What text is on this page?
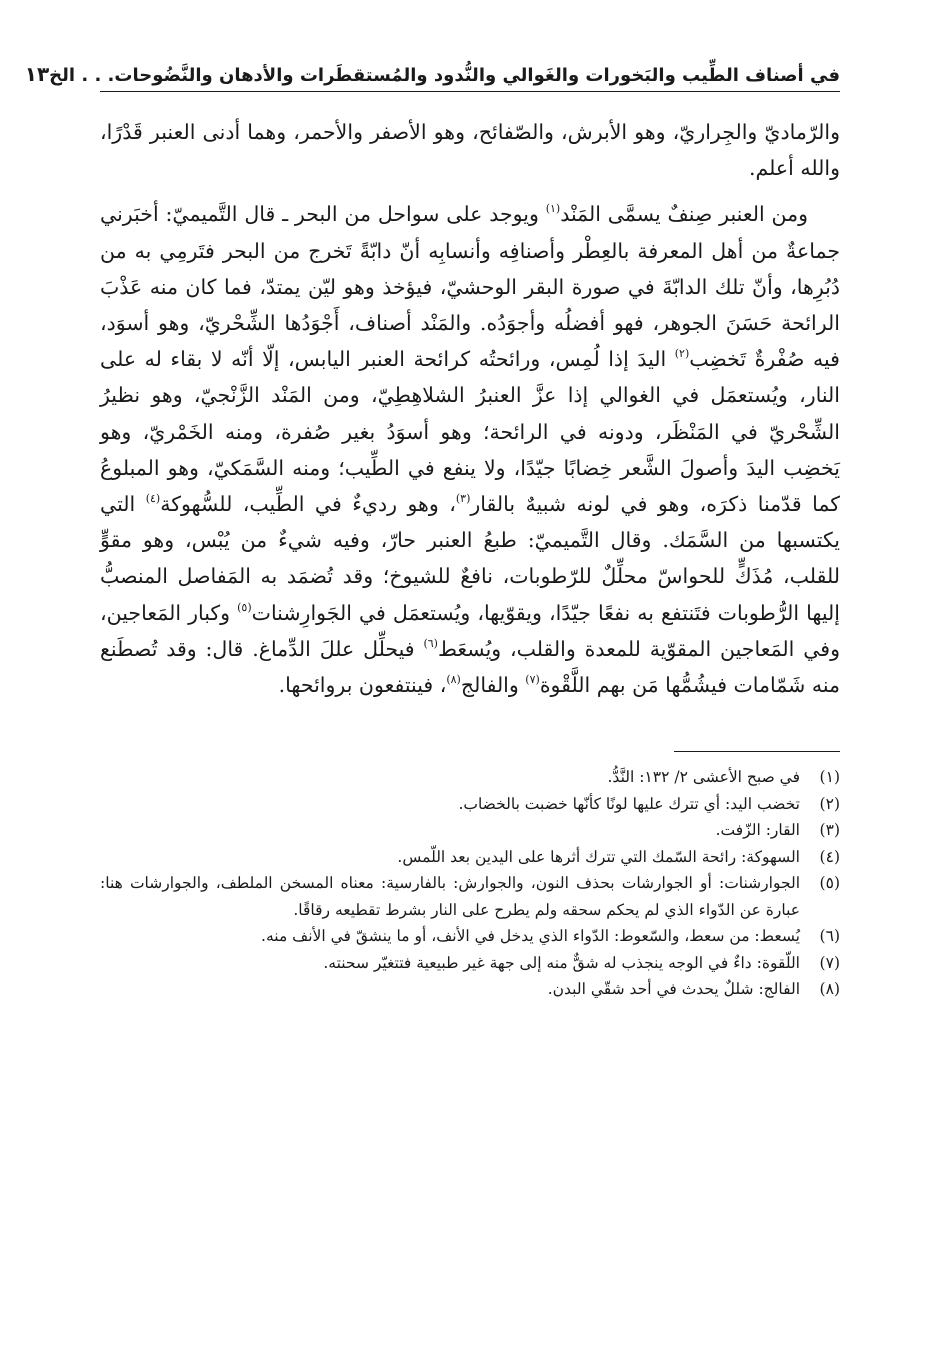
في أصناف الطِّيب والبَخورات والغَوالي والنُّدود والمُستقطَرات والأدهان والنَّضُوحات. . . الخ
١٣

والرّماديّ والجِراريّ، وهو الأبرش، والصّفائح، وهو الأصفر والأحمر، وهما أدنى العنبر قَدْرًا، والله أعلم.

ومن العنبر صِنفٌ يسمَّى المَنْد$^{(١)}$ ويوجد على سواحل من البحر ـ قال التَّميميّ: أخبَرني جماعةٌ من أهل المعرفة بالعِطْر وأصنافِه وأنسابِه أنّ دابّةً تَخرج من البحر فتَرمِي به من دُبُرِها، وأنّ تلك الدابّةَ في صورة البقر الوحشيّ، فيؤخذ وهو ليّن يمتدّ، فما كان منه عَذْبَ الرائحة حَسَنَ الجوهر، فهو أفضلُه وأجوَدُه. والمَنْد أصناف، أَجْوَدُها الشِّحْريّ، وهو أسوَد، فيه صُفْرةٌ تَخضِب$^{(٢)}$ اليدَ إذا لُمِس، ورائحتُه كرائحة العنبر اليابس، إلّا أنّه لا بقاء له على النار، ويُستعمَل في الغوالي إذا عزَّ العنبرُ الشلاهِطِيّ، ومن المَنْد الزَّنْجيّ، وهو نظيرُ الشِّحْريّ في المَنْظَر، ودونه في الرائحة؛ وهو أسوَدُ بغير صُفرة، ومنه الخَمْريّ، وهو يَخضِب اليدَ وأصولَ الشَّعر خِضابًا جيّدًا، ولا ينفع في الطِّيب؛ ومنه السَّمَكيّ، وهو المبلوعُ كما قدّمنا ذكرَه، وهو في لونه شبيهٌ بالقار$^{(٣)}$، وهو رديءٌ في الطِّيب، للسُّهوكة$^{(٤)}$ التي يكتسبها من السَّمَك. وقال التَّميميّ: طبعُ العنبر حارّ، وفيه شيءٌ من يُبْس، وهو مقوٍّ للقلب، مُذَكٍّ للحواسّ محلِّلٌ للرّطوبات، نافعٌ للشيوخ؛ وقد تُضمَد به المَفاصل المنصبُّ إليها الرُّطوبات فتَنتفع به نفعًا جيّدًا، ويقوّيها، ويُستعمَل في الجَوارِشنات$^{(٥)}$ وكبار المَعاجين، وفي المَعاجين المقوّية للمعدة والقلب، ويُسعَط$^{(٦)}$ فيحلِّل عللَ الدِّماغ. قال: وقد تُصطَنع منه شَمّامات فيشُمُّها مَن بهم اللَّقْوة$^{(٧)}$ والفالج$^{(٨)}$، فينتفعون بروائحها.

(١)
في صبح الأعشى ٢/ ١٣٢: النَّدُّ.
(٢)
تخضب اليد: أي تترك عليها لونًا كأنّها خضبت بالخضاب.
(٣)
القار: الزّفت.
(٤)
السهوكة: رائحة السّمك التي تترك أثرها على اليدين بعد اللّمس.
(٥)
الجوارشنات: أو الجوارشات بحذف النون، والجوارش: بالفارسية: معناه المسخن الملطف، والجوارشات هنا: عبارة عن الدّواء الذي لم يحكم سحقه ولم يطرح على النار بشرط تقطيعه رقاقًا.
(٦)
يُسعط: من سعط، والسّعوط: الدّواء الذي يدخل في الأنف، أو ما ينشقّ في الأنف منه.
(٧)
اللّقوة: داءٌ في الوجه ينجذب له شقٌّ منه إلى جهة غير طبيعية فتتغيّر سحنته.
(٨)
الفالج: شللٌ يحدث في أحد شقّي البدن.
